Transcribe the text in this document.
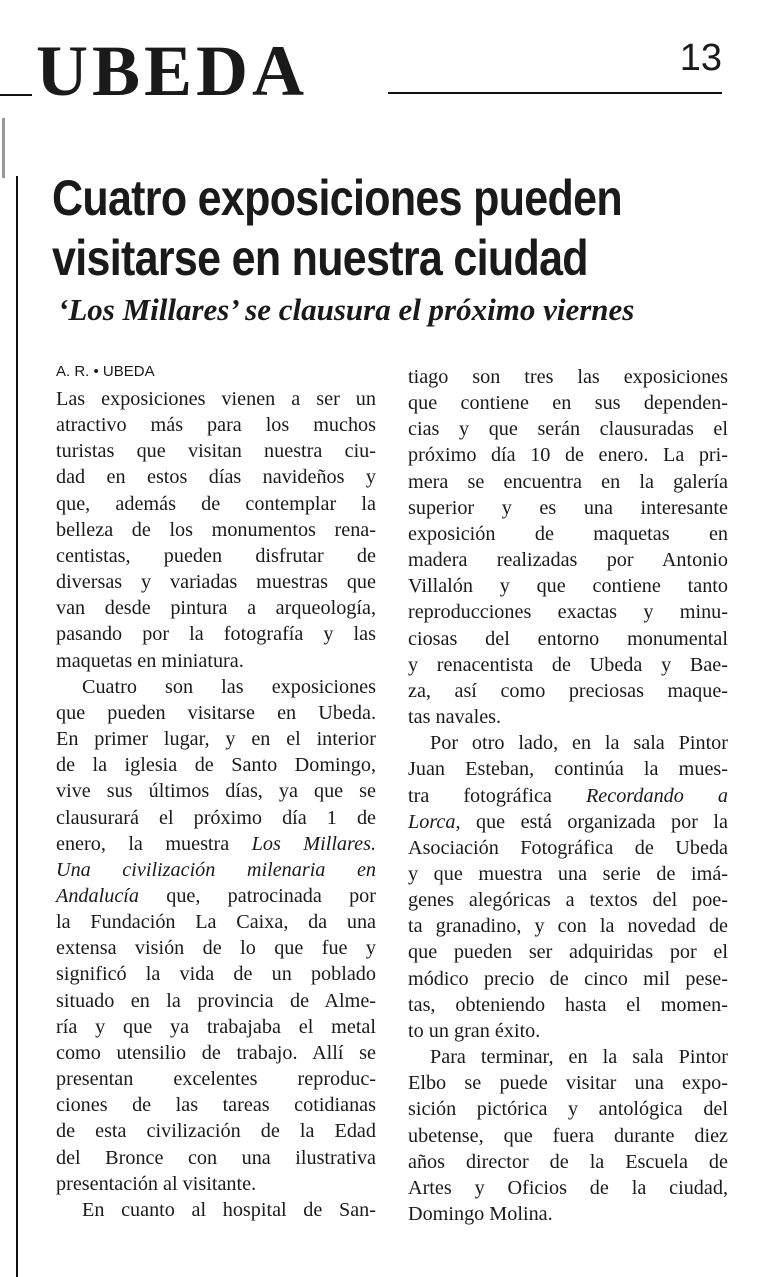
UBEDA	13
Cuatro exposiciones pueden
visitarse en nuestra ciudad
‘Los Millares’ se clausura el próximo viernes

A. R. • UBEDA

Las exposiciones vienen a ser un
atractivo más para los muchos
turistas que visitan nuestra ciu-
dad en estos días navideños y
que, además de contemplar la
belleza de los monumentos rena-
centistas, pueden disfrutar de
diversas y variadas muestras que
van desde pintura a arqueología,
pasando por la fotografía y las
maquetas en miniatura.

Cuatro son las exposiciones
que pueden visitarse en Ubeda.
En primer lugar, y en el interior
de la iglesia de Santo Domingo,
vive sus últimos días, ya que se
clausurará el próximo día 1 de
enero, la muestra Los Millares.
Una civilización milenaria en
Andalucía que, patrocinada por
la Fundación La Caixa, da una
extensa visión de lo que fue y
significó la vida de un poblado
situado en la provincia de Alme-
ría y que ya trabajaba el metal
como utensilio de trabajo. Allí se
presentan excelentes reproduc-
ciones de las tareas cotidianas
de esta civilización de la Edad
del Bronce con una ilustrativa
presentación al visitante.

En cuanto al hospital de San-

tiago son tres las exposiciones
que contiene en sus dependen-
cias y que serán clausuradas el
próximo día 10 de enero. La pri-
mera se encuentra en la galería
superior y es una interesante
exposición de maquetas en
madera realizadas por Antonio
Villalón y que contiene tanto
reproducciones exactas y minu-
ciosas del entorno monumental
y renacentista de Ubeda y Bae-
za, así como preciosas maque-
tas navales.

Por otro lado, en la sala Pintor
Juan Esteban, continúa la mues-
tra fotográfica Recordando a
Lorca, que está organizada por la
Asociación Fotográfica de Ubeda
y que muestra una serie de imá-
genes alegóricas a textos del poe-
ta granadino, y con la novedad de
que pueden ser adquiridas por el
módico precio de cinco mil pese-
tas, obteniendo hasta el momen-
to un gran éxito.

Para terminar, en la sala Pintor
Elbo se puede visitar una expo-
sición pictórica y antológica del
ubetense, que fuera durante diez
años director de la Escuela de
Artes y Oficios de la ciudad,
Domingo Molina.
